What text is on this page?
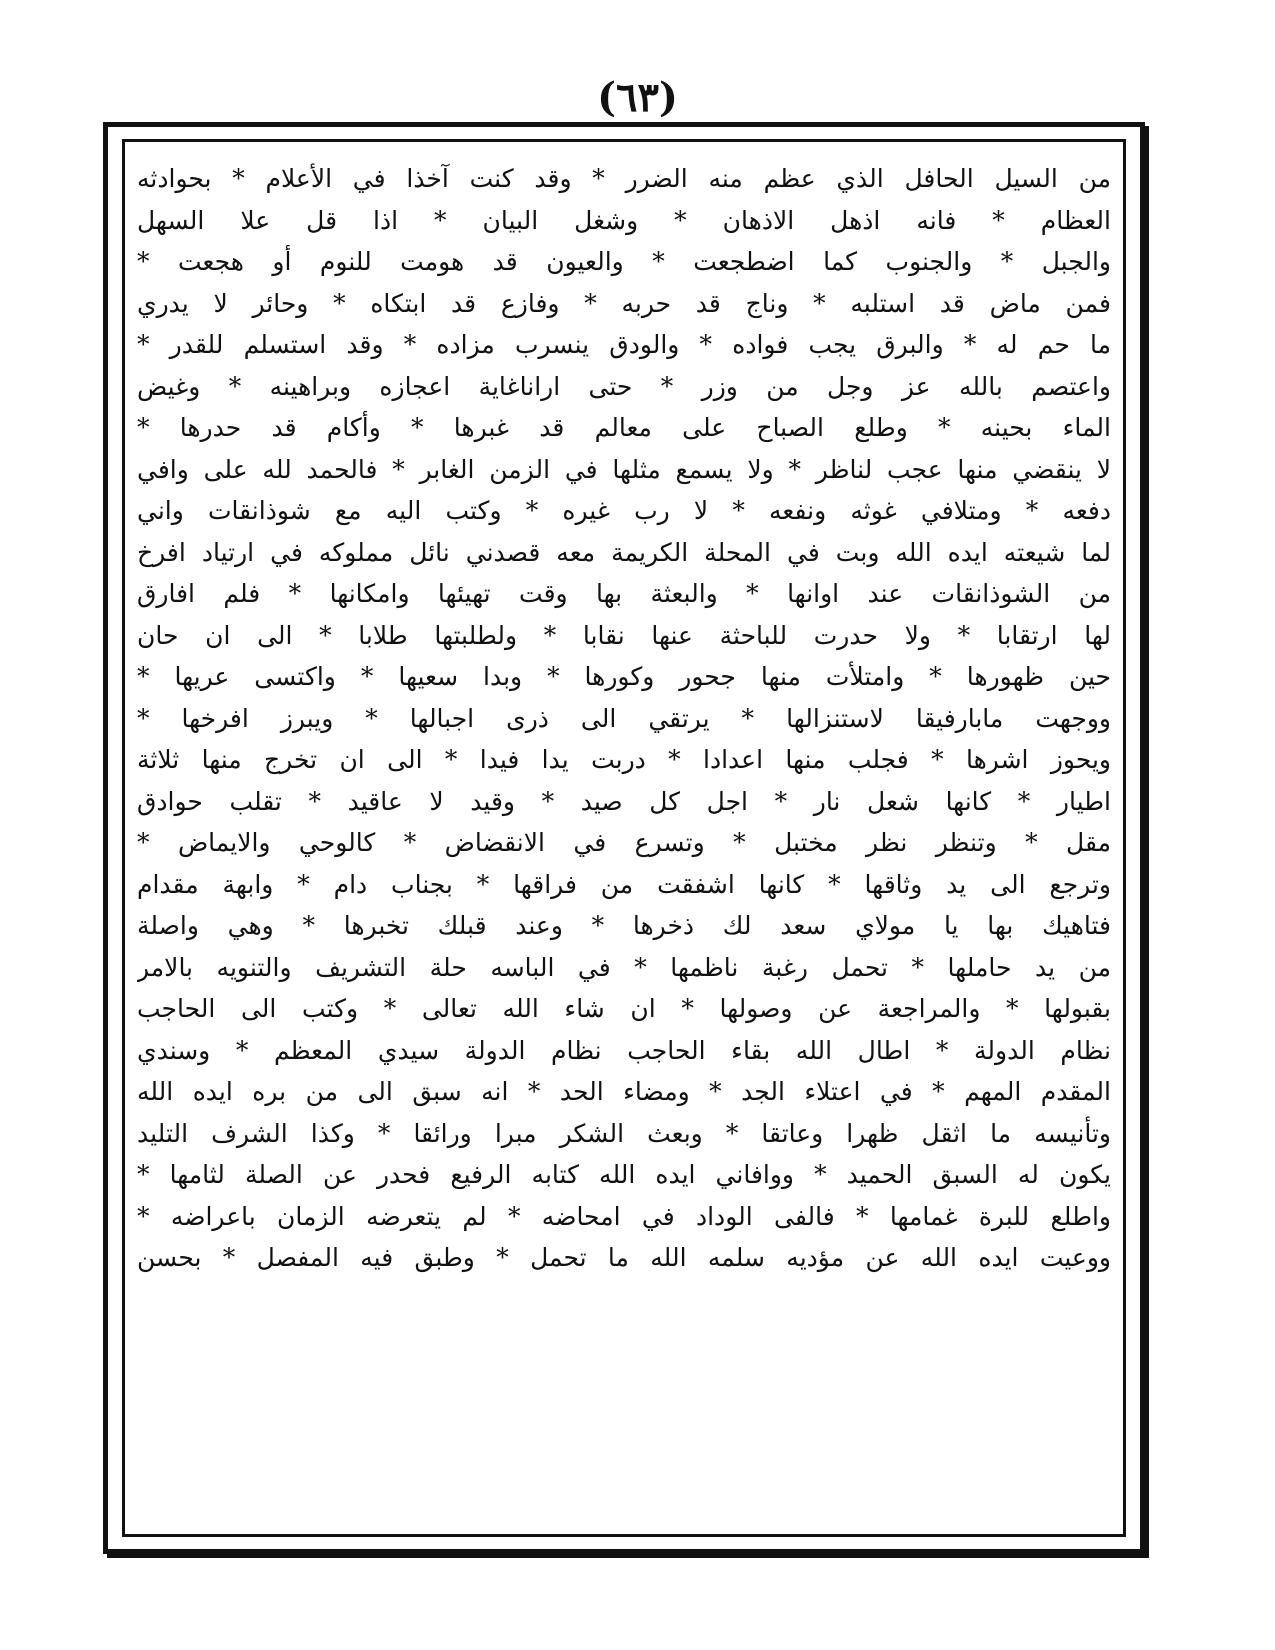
(٦٣)
من السيل الحافل الذي عظم منه الضرر * وقد كنت آخذا في الأعلام * بحوادثه
العظام * فانه اذهل الاذهان * وشغل البيان * اذا قل علا السهل
والجبل * والجنوب كما اضطجعت * والعيون قد هومت للنوم أو هجعت *
فمن ماض قد استلبه * وناج قد حربه * وفازع قد ابتكاه * وحائر لا يدري
ما حم له * والبرق يجب فواده * والودق ينسرب مزاده * وقد استسلم للقدر *
واعتصم بالله عز وجل من وزر * حتى اراناغاية اعجازه وبراهينه * وغيض
الماء بحينه * وطلع الصباح على معالم قد غبرها * وأكام قد حدرها *
لا ينقضي منها عجب لناظر * ولا يسمع مثلها في الزمن الغابر * فالحمد لله على وافي
دفعه * ومتلافي غوثه ونفعه * لا رب غيره * وكتب اليه مع شوذانقات واني
لما شيعته ايده الله وبت في المحلة الكريمة معه قصدني نائل مملوكه في ارتياد افرخ
من الشوذانقات عند اوانها * والبعثة بها وقت تهيئها وامكانها * فلم افارق
لها ارتقابا * ولا حدرت للباحثة عنها نقابا * ولطلبتها طلابا * الى ان حان
حين ظهورها * وامتلأت منها جحور وكورها * وبدا سعيها * واكتسى عريها *
ووجهت مابارفيقا لاستنزالها * يرتقي الى ذرى اجبالها * ويبرز افرخها *
ويحوز اشرها * فجلب منها اعدادا * دربت يدا فيدا * الى ان تخرج منها ثلاثة
اطيار * كانها شعل نار * اجل كل صيد * وقيد لا عاقيد * تقلب حوادق
مقل * وتنظر نظر مختبل * وتسرع في الانقضاض * كالوحي والايماض *
وترجع الى يد وثاقها * كانها اشفقت من فراقها * بجناب دام * وابهة مقدام
فتاهيك بها يا مولاي سعد لك ذخرها * وعند قبلك تخبرها * وهي واصلة
من يد حاملها * تحمل رغبة ناظمها * في الباسه حلة التشريف والتنويه بالامر
بقبولها * والمراجعة عن وصولها * ان شاء الله تعالى * وكتب الى الحاجب
نظام الدولة * اطال الله بقاء الحاجب نظام الدولة سيدي المعظم * وسندي
المقدم المهم * في اعتلاء الجد * ومضاء الحد * انه سبق الى من بره ايده الله
وتأنيسه ما اثقل ظهرا وعاتقا * وبعث الشكر مبرا ورائقا * وكذا الشرف التليد
يكون له السبق الحميد * ووافاني ايده الله كتابه الرفيع فحدر عن الصلة لثامها *
واطلع للبرة غمامها * فالفى الوداد في امحاضه * لم يتعرضه الزمان باعراضه *
ووعيت ايده الله عن مؤديه سلمه الله ما تحمل * وطبق فيه المفصل * بحسن
